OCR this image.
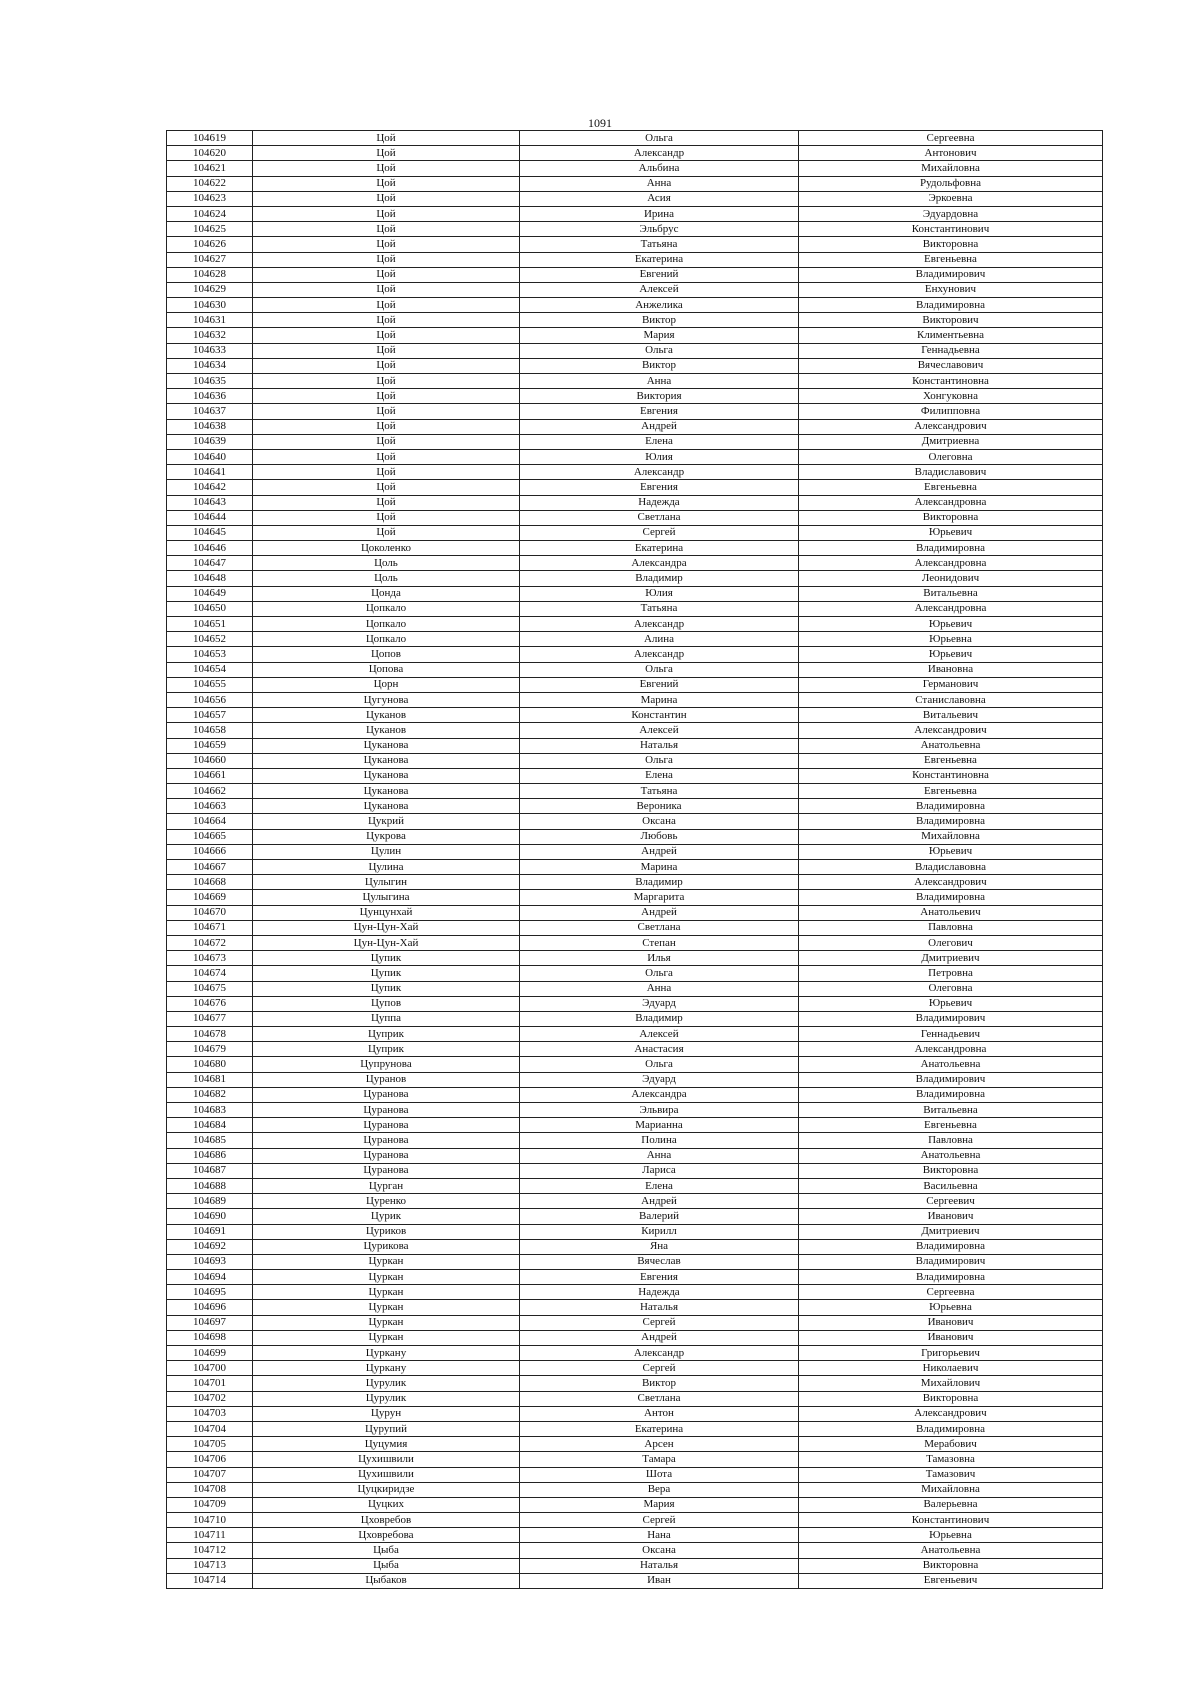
1091
104619	Цой	Ольга	Сергеевна
104620	Цой	Александр	Антонович
104621	Цой	Альбина	Михайловна
104622	Цой	Анна	Рудольфовна
104623	Цой	Асия	Эркоевна
104624	Цой	Ирина	Эдуардовна
104625	Цой	Эльбрус	Константинович
104626	Цой	Татьяна	Викторовна
104627	Цой	Екатерина	Евгеньевна
104628	Цой	Евгений	Владимирович
104629	Цой	Алексей	Енхунович
104630	Цой	Анжелика	Владимировна
104631	Цой	Виктор	Викторович
104632	Цой	Мария	Климентьевна
104633	Цой	Ольга	Геннадьевна
104634	Цой	Виктор	Вячеславович
104635	Цой	Анна	Константиновна
104636	Цой	Виктория	Хонгуковна
104637	Цой	Евгения	Филипповна
104638	Цой	Андрей	Александрович
104639	Цой	Елена	Дмитриевна
104640	Цой	Юлия	Олеговна
104641	Цой	Александр	Владиславович
104642	Цой	Евгения	Евгеньевна
104643	Цой	Надежда	Александровна
104644	Цой	Светлана	Викторовна
104645	Цой	Сергей	Юрьевич
104646	Цоколенко	Екатерина	Владимировна
104647	Цоль	Александра	Александровна
104648	Цоль	Владимир	Леонидович
104649	Цонда	Юлия	Витальевна
104650	Цопкало	Татьяна	Александровна
104651	Цопкало	Александр	Юрьевич
104652	Цопкало	Алина	Юрьевна
104653	Цопов	Александр	Юрьевич
104654	Цопова	Ольга	Ивановна
104655	Цорн	Евгений	Германович
104656	Цугунова	Марина	Станиславовна
104657	Цуканов	Константин	Витальевич
104658	Цуканов	Алексей	Александрович
104659	Цуканова	Наталья	Анатольевна
104660	Цуканова	Ольга	Евгеньевна
104661	Цуканова	Елена	Константиновна
104662	Цуканова	Татьяна	Евгеньевна
104663	Цуканова	Вероника	Владимировна
104664	Цукрий	Оксана	Владимировна
104665	Цукрова	Любовь	Михайловна
104666	Цулин	Андрей	Юрьевич
104667	Цулина	Марина	Владиславовна
104668	Цулыгин	Владимир	Александрович
104669	Цулыгина	Маргарита	Владимировна
104670	Цунцунхай	Андрей	Анатольевич
104671	Цун-Цун-Хай	Светлана	Павловна
104672	Цун-Цун-Хай	Степан	Олегович
104673	Цупик	Илья	Дмитриевич
104674	Цупик	Ольга	Петровна
104675	Цупик	Анна	Олеговна
104676	Цупов	Эдуард	Юрьевич
104677	Цуппа	Владимир	Владимирович
104678	Цуприк	Алексей	Геннадьевич
104679	Цуприк	Анастасия	Александровна
104680	Цупрунова	Ольга	Анатольевна
104681	Цуранов	Эдуард	Владимирович
104682	Цуранова	Александра	Владимировна
104683	Цуранова	Эльвира	Витальевна
104684	Цуранова	Марианна	Евгеньевна
104685	Цуранова	Полина	Павловна
104686	Цуранова	Анна	Анатольевна
104687	Цуранова	Лариса	Викторовна
104688	Цурган	Елена	Васильевна
104689	Цуренко	Андрей	Сергеевич
104690	Цурик	Валерий	Иванович
104691	Цуриков	Кирилл	Дмитриевич
104692	Цурикова	Яна	Владимировна
104693	Цуркан	Вячеслав	Владимирович
104694	Цуркан	Евгения	Владимировна
104695	Цуркан	Надежда	Сергеевна
104696	Цуркан	Наталья	Юрьевна
104697	Цуркан	Сергей	Иванович
104698	Цуркан	Андрей	Иванович
104699	Цуркану	Александр	Григорьевич
104700	Цуркану	Сергей	Николаевич
104701	Цурулик	Виктор	Михайлович
104702	Цурулик	Светлана	Викторовна
104703	Цурун	Антон	Александрович
104704	Цурупий	Екатерина	Владимировна
104705	Цуцумия	Арсен	Мерабович
104706	Цухишвили	Тамара	Тамазовна
104707	Цухишвили	Шота	Тамазович
104708	Цуцкиридзе	Вера	Михайловна
104709	Цуцких	Мария	Валерьевна
104710	Цховребов	Сергей	Константинович
104711	Цховребова	Нана	Юрьевна
104712	Цыба	Оксана	Анатольевна
104713	Цыба	Наталья	Викторовна
104714	Цыбаков	Иван	Евгеньевич
